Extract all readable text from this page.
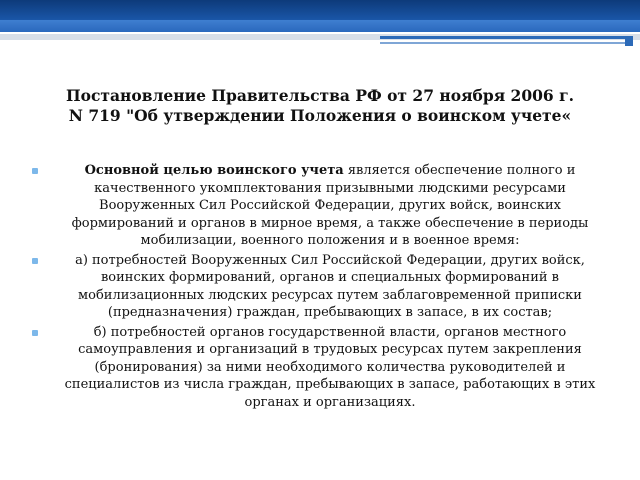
Постановление Правительства РФ от 27 ноября 2006 г.
N 719 "Об утверждении Положения о воинском учете«
Основной целью воинского учета является обеспечение полного и качественного укомплектования призывными людскими ресурсами Вооруженных Сил Российской Федерации, других войск, воинских формирований и органов в мирное время, а также обеспечение в периоды мобилизации, военного положения и в военное время:
а) потребностей Вооруженных Сил Российской Федерации, других войск, воинских формирований, органов и специальных формирований в мобилизационных людских ресурсах путем заблаговременной приписки (предназначения) граждан, пребывающих в запасе, в их состав;
б) потребностей органов государственной власти, органов местного самоуправления и организаций в трудовых ресурсах путем закрепления (бронирования) за ними необходимого количества руководителей и специалистов из числа граждан, пребывающих в запасе, работающих в этих органах и организациях.
